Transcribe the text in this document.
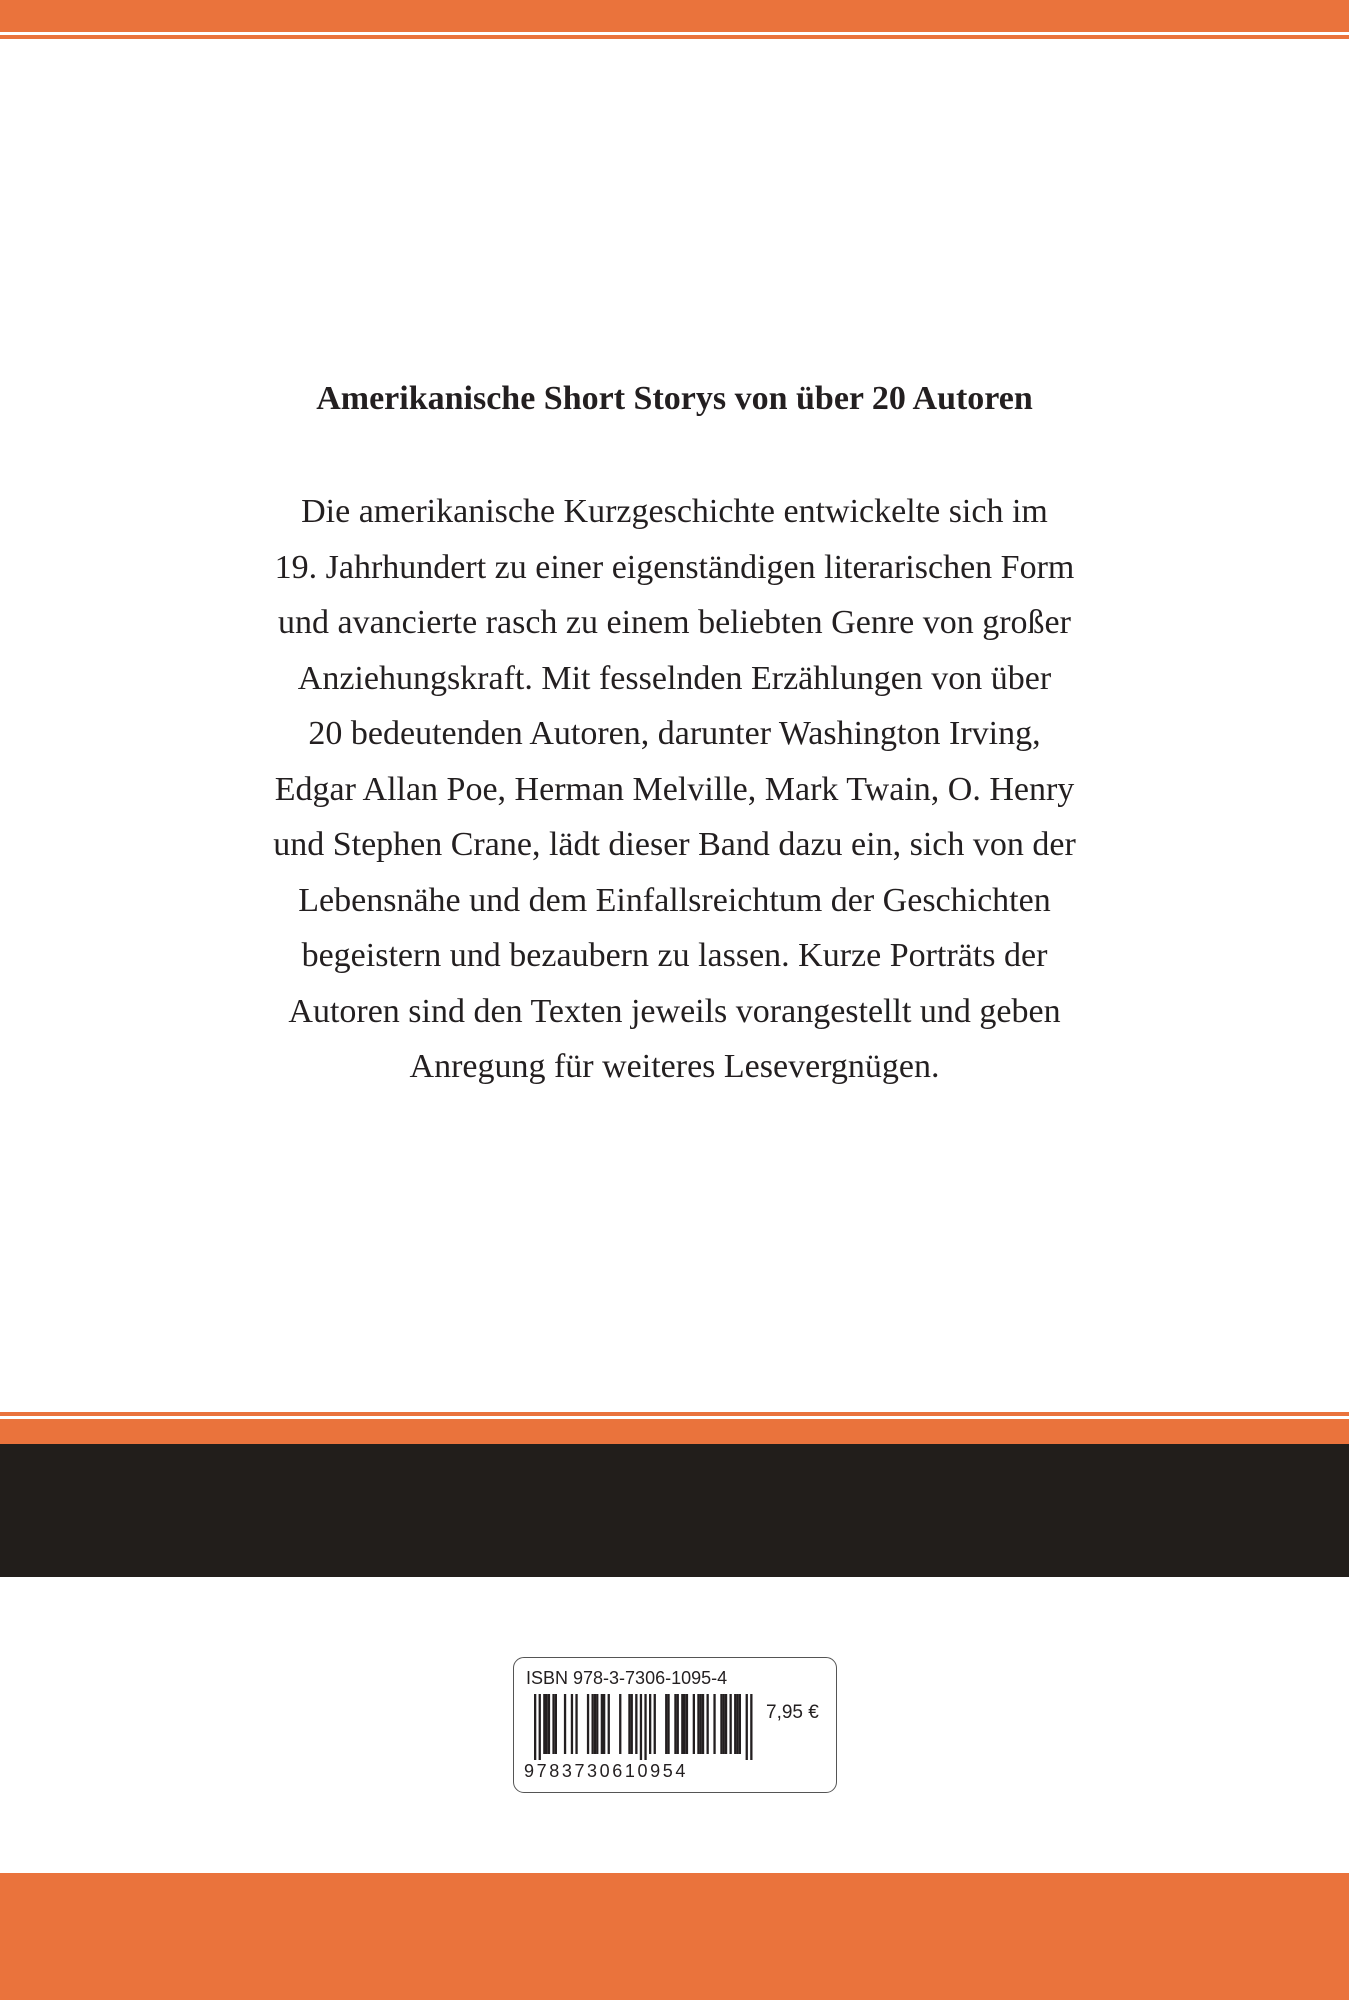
Amerikanische Short Storys von über 20 Autoren
Die amerikanische Kurzgeschichte entwickelte sich im
19. Jahrhundert zu einer eigenständigen literarischen Form
und avancierte rasch zu einem beliebten Genre von großer
Anziehungskraft. Mit fesselnden Erzählungen von über
20 bedeutenden Autoren, darunter Washington Irving,
Edgar Allan Poe, Herman Melville, Mark Twain, O. Henry
und Stephen Crane, lädt dieser Band dazu ein, sich von der
Lebensnähe und dem Einfallsreichtum der Geschichten
begeistern und bezaubern zu lassen. Kurze Porträts der
Autoren sind den Texten jeweils vorangestellt und geben
Anregung für weiteres Lesevergnügen.
ISBN 978-3-7306-1095-4
7,95 €
9783730610954
